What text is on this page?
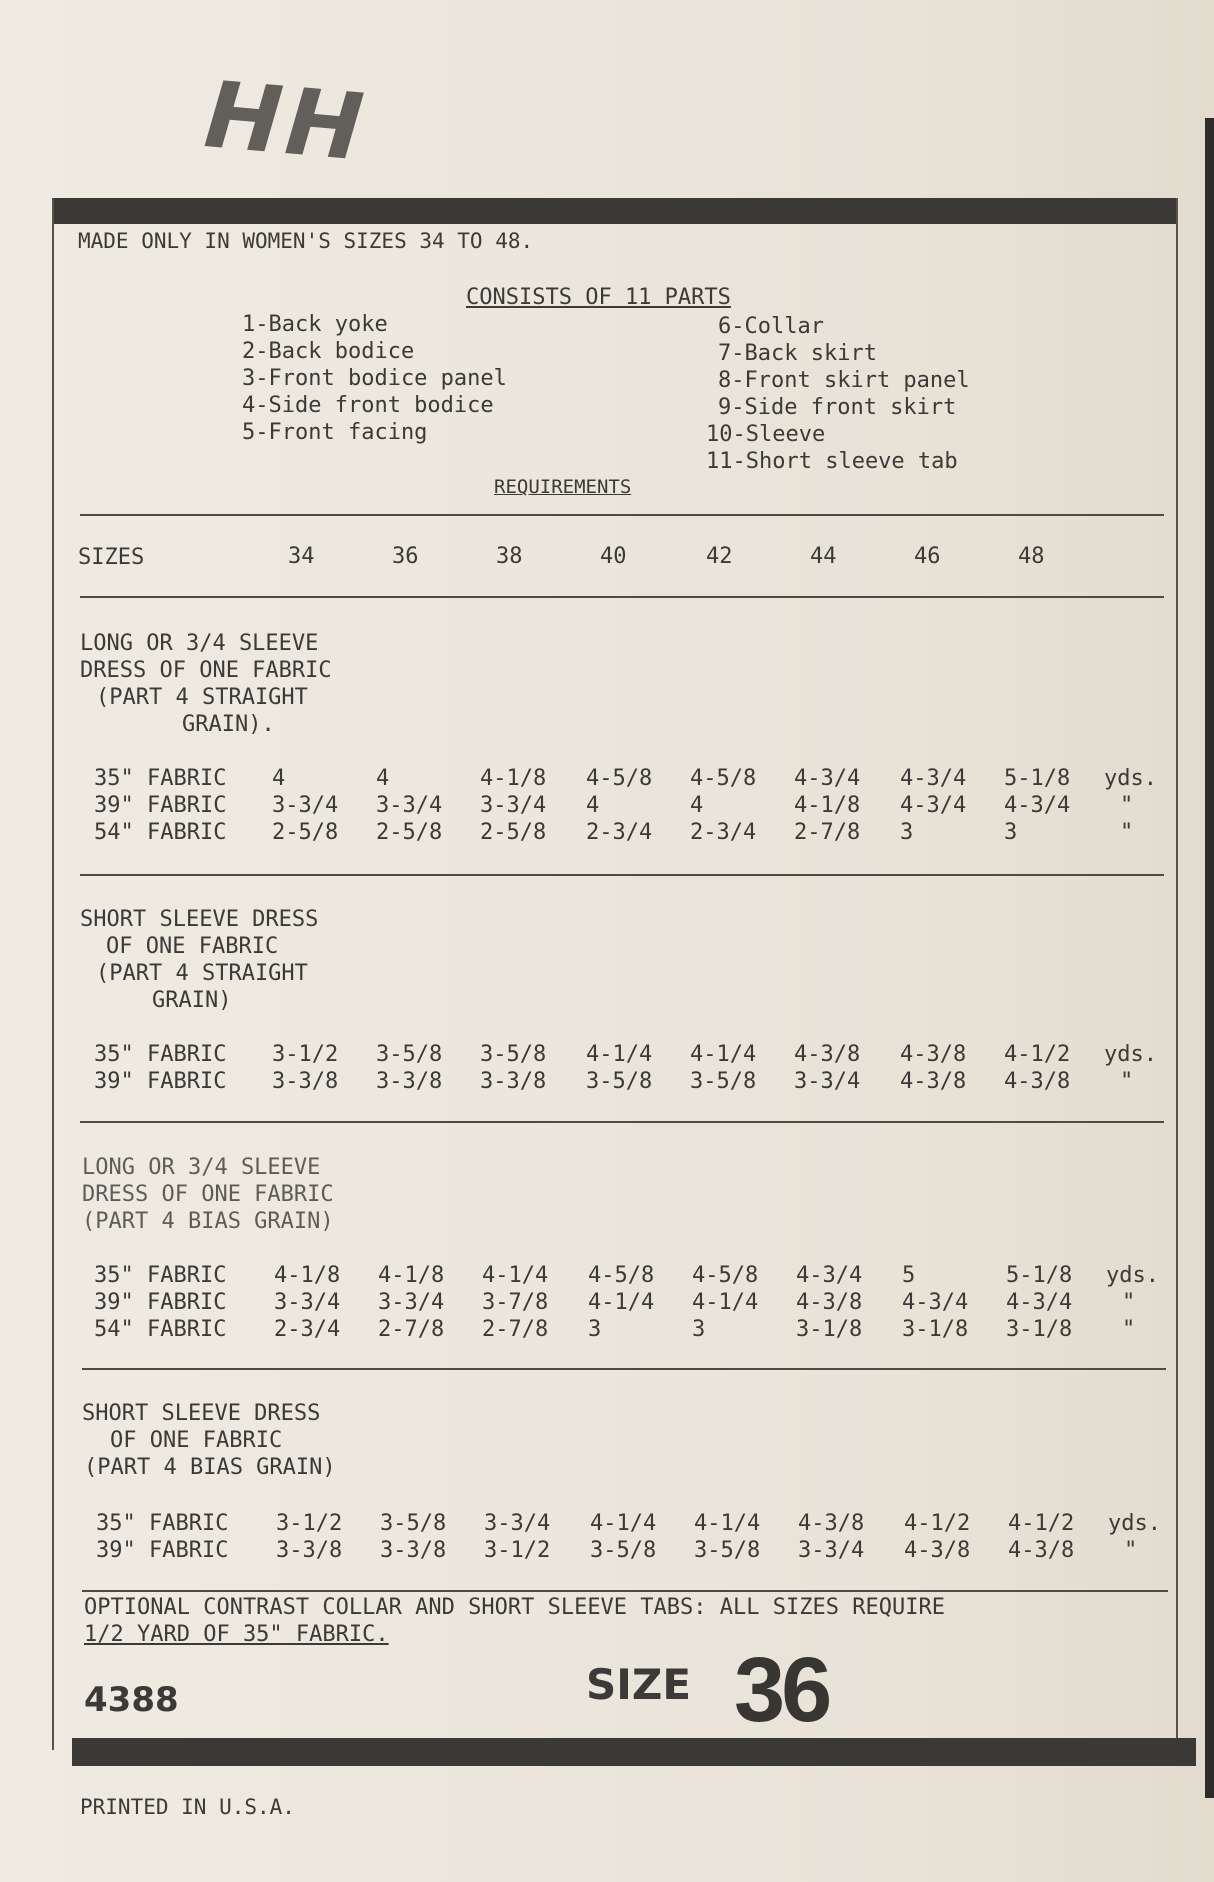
HH
MADE ONLY IN WOMEN'S SIZES 34 TO 48.
CONSISTS OF 11 PARTS
1-Back yoke
2-Back bodice
3-Front bodice panel
4-Side front bodice
5-Front facing
6-Collar
7-Back skirt
8-Front skirt panel
9-Side front skirt
10-Sleeve
11-Short sleeve tab
REQUIREMENTS
SIZES	34	36	38	40	42	44	46	48
LONG OR 3/4 SLEEVE
DRESS OF ONE FABRIC
(PART 4 STRAIGHT
GRAIN).
35" FABRIC 4	4	4-1/8 4-5/8 4-5/8 4-3/4 4-3/4 5-1/8 yds.
39" FABRIC 3-3/4 3-3/4 3-3/4 4	4	4-1/8 4-3/4 4-3/4 "
54" FABRIC 2-5/8 2-5/8 2-5/8 2-3/4 2-3/4 2-7/8 3	3	"
SHORT SLEEVE DRESS
OF ONE FABRIC
(PART 4 STRAIGHT
GRAIN)
35" FABRIC 3-1/2 3-5/8 3-5/8 4-1/4 4-1/4 4-3/8 4-3/8 4-1/2 yds.
39" FABRIC 3-3/8 3-3/8 3-3/8 3-5/8 3-5/8 3-3/4 4-3/8 4-3/8 "
LONG OR 3/4 SLEEVE
DRESS OF ONE FABRIC
(PART 4 BIAS GRAIN)
35" FABRIC 4-1/8 4-1/8 4-1/4 4-5/8 4-5/8 4-3/4 5	5-1/8 yds.
39" FABRIC 3-3/4 3-3/4 3-7/8 4-1/4 4-1/4 4-3/8 4-3/4 4-3/4 "
54" FABRIC 2-3/4 2-7/8 2-7/8 3	3	3-1/8 3-1/8 3-1/8 "
SHORT SLEEVE DRESS
OF ONE FABRIC
(PART 4 BIAS GRAIN)
35" FABRIC 3-1/2 3-5/8 3-3/4 4-1/4 4-1/4 4-3/8 4-1/2 4-1/2 yds.
39" FABRIC 3-3/8 3-3/8 3-1/2 3-5/8 3-5/8 3-3/4 4-3/8 4-3/8 "
OPTIONAL CONTRAST COLLAR AND SHORT SLEEVE TABS: ALL SIZES REQUIRE
1/2 YARD OF 35" FABRIC.
4388	SIZE 36
PRINTED IN U.S.A.
